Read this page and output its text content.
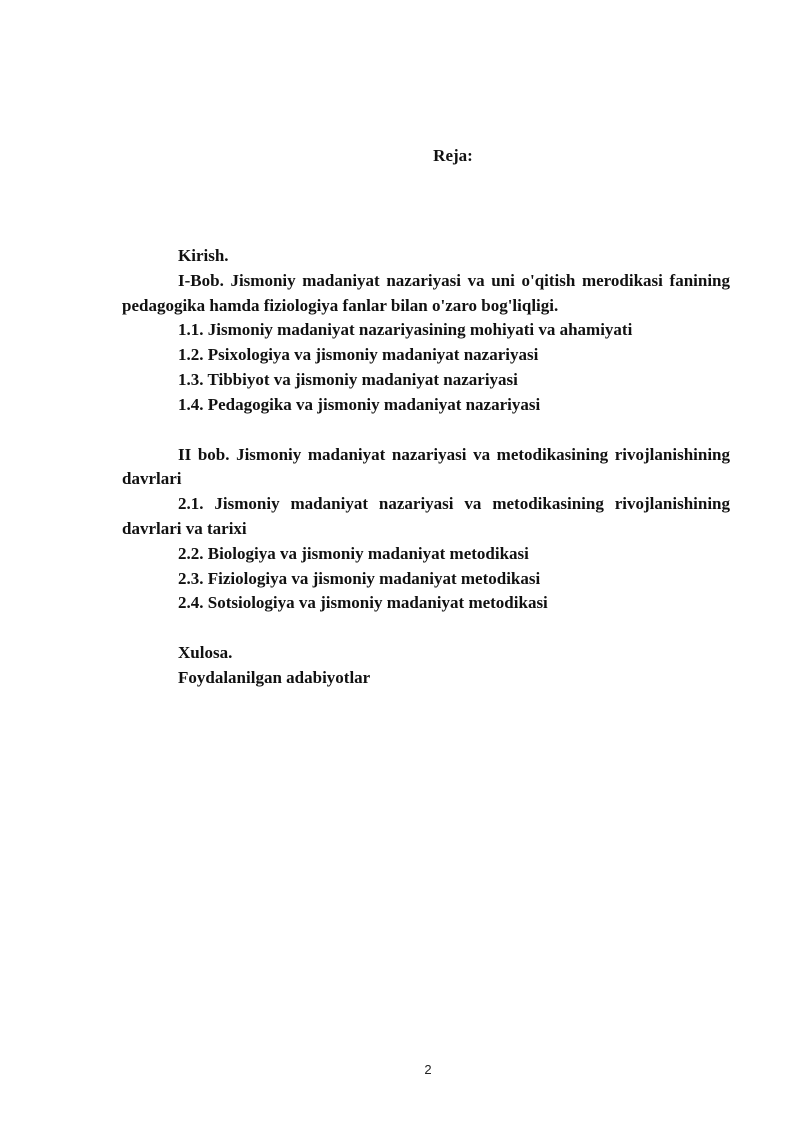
Reja:
Kirish.
I-Bob. Jismoniy madaniyat nazariyasi va uni o'qitish merodikasi fanining pedagogika hamda fiziologiya fanlar bilan o'zaro bog'liqligi.
1.1. Jismoniy madaniyat nazariyasining mohiyati va ahamiyati
1.2. Psixologiya va jismoniy madaniyat nazariyasi
1.3. Tibbiyot va jismoniy madaniyat nazariyasi
1.4. Pedagogika va jismoniy madaniyat nazariyasi
II bob. Jismoniy madaniyat nazariyasi va metodikasining rivojlanishining davrlari
2.1. Jismoniy madaniyat nazariyasi va metodikasining rivojlanishining davrlari va tarixi
2.2. Biologiya va jismoniy madaniyat metodikasi
2.3. Fiziologiya va jismoniy madaniyat metodikasi
2.4. Sotsiologiya va jismoniy madaniyat metodikasi
Xulosa.
Foydalanilgan adabiyotlar
2
